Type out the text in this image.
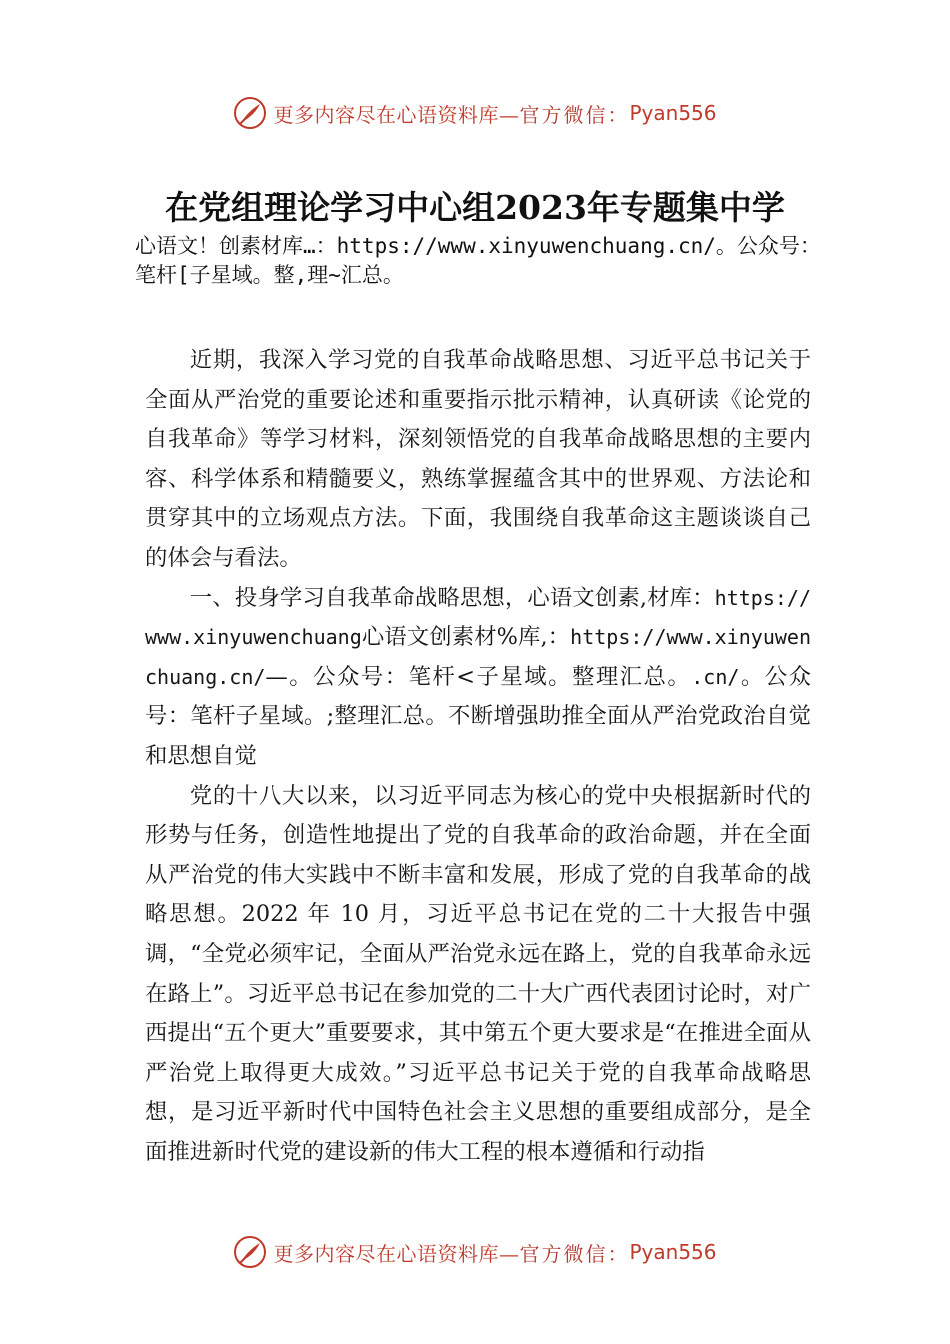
更多内容尽在心语资料库— 官方微信： Pyan556
在党组理论学习中心组2023年专题集中学
心语文！创素材库…：https://www.xinyuwenchuang.cn/。公众号：笔杆[子星域。整,理~汇总。

近期，我深入学习党的自我革命战略思想、习近平总书记关于全面从严治党的重要论述和重要指示批示精神，认真研读《论党的自我革命》等学习材料，深刻领悟党的自我革命战略思想的主要内容、科学体系和精髓要义，熟练掌握蕴含其中的世界观、方法论和贯穿其中的立场观点方法。下面，我围绕自我革命这主题谈谈自己的体会与看法。

一、投身学习自我革命战略思想，心语文创素,材库：https://www.xinyuwenchuang心语文创素材%库,：https://www.xinyuwenchuang.cn/—。公众号：笔杆<子星域。整理汇总。.cn/。公众号：笔杆子星域。;整理汇总。不断增强助推全面从严治党政治自觉和思想自觉

党的十八大以来，以习近平同志为核心的党中央根据新时代的形势与任务，创造性地提出了党的自我革命的政治命题，并在全面从严治党的伟大实践中不断丰富和发展，形成了党的自我革命的战略思想。2022 年 10 月，习近平总书记在党的二十大报告中强调，“全党必须牢记，全面从严治党永远在路上，党的自我革命永远在路上”。习近平总书记在参加党的二十大广西代表团讨论时，对广西提出“五个更大”重要要求，其中第五个更大要求是“在推进全面从严治党上取得更大成效。”习近平总书记关于党的自我革命战略思想，是习近平新时代中国特色社会主义思想的重要组成部分，是全面推进新时代党的建设新的伟大工程的根本遵循和行动指

更多内容尽在心语资料库— 官方微信： Pyan556
